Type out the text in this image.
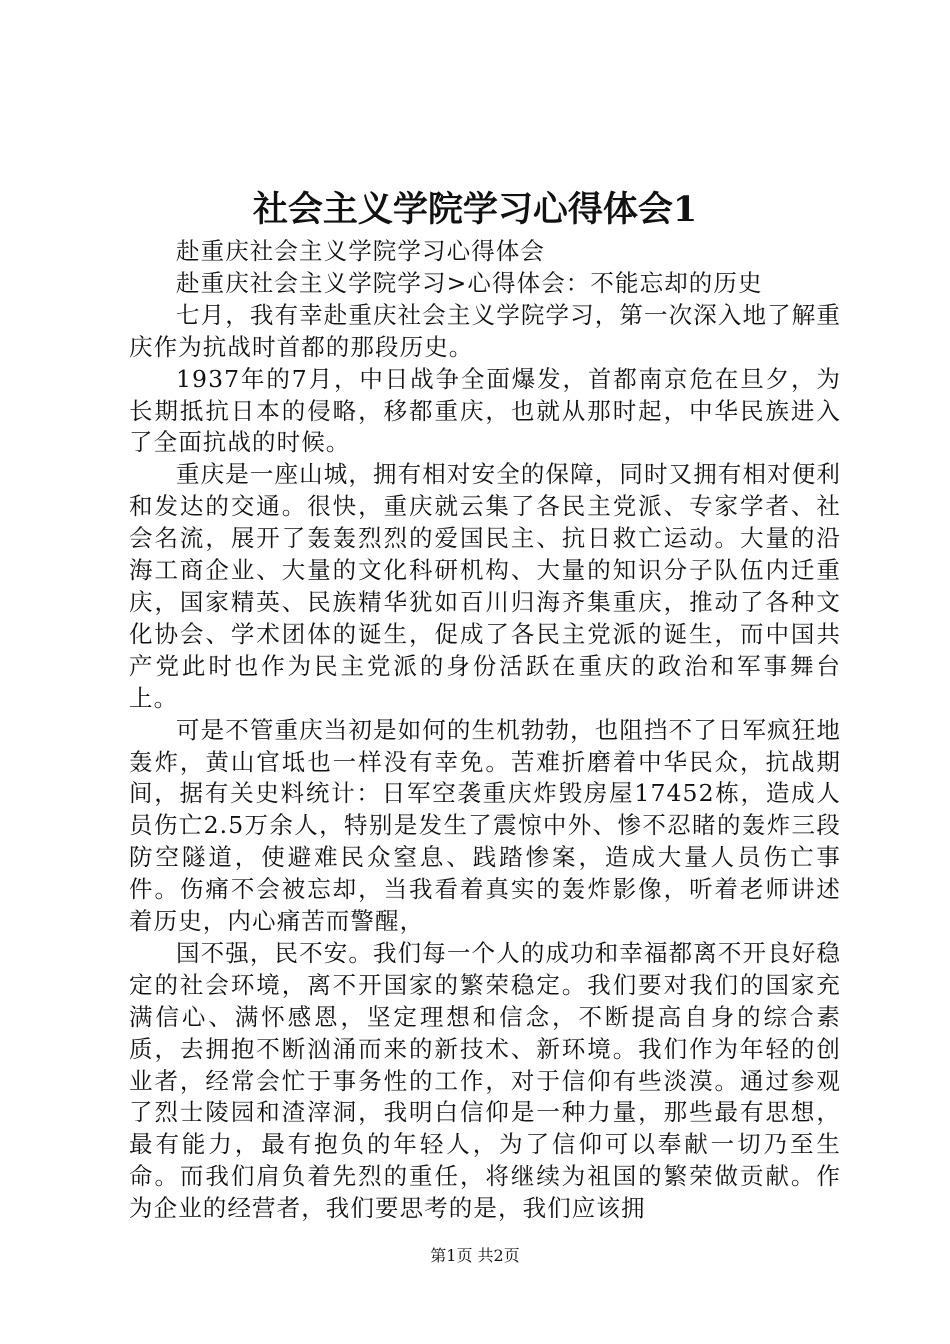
社会主义学院学习心得体会1

赴重庆社会主义学院学习心得体会

赴重庆社会主义学院学习>心得体会：不能忘却的历史

七月，我有幸赴重庆社会主义学院学习，第一次深入地了解重庆作为抗战时首都的那段历史。

1937年的7月，中日战争全面爆发，首都南京危在旦夕，为长期抵抗日本的侵略，移都重庆，也就从那时起，中华民族进入了全面抗战的时候。

重庆是一座山城，拥有相对安全的保障，同时又拥有相对便利和发达的交通。很快，重庆就云集了各民主党派、专家学者、社会名流，展开了轰轰烈烈的爱国民主、抗日救亡运动。大量的沿海工商企业、大量的文化科研机构、大量的知识分子队伍内迁重庆，国家精英、民族精华犹如百川归海齐集重庆，推动了各种文化协会、学术团体的诞生，促成了各民主党派的诞生，而中国共产党此时也作为民主党派的身份活跃在重庆的政治和军事舞台上。

可是不管重庆当初是如何的生机勃勃，也阻挡不了日军疯狂地轰炸，黄山官坻也一样没有幸免。苦难折磨着中华民众，抗战期间，据有关史料统计：日军空袭重庆炸毁房屋17452栋，造成人员伤亡2.5万余人，特别是发生了震惊中外、惨不忍睹的轰炸三段防空隧道，使避难民众窒息、践踏惨案，造成大量人员伤亡事件。伤痛不会被忘却，当我看着真实的轰炸影像，听着老师讲述着历史，内心痛苦而警醒，

国不强，民不安。我们每一个人的成功和幸福都离不开良好稳定的社会环境，离不开国家的繁荣稳定。我们要对我们的国家充满信心、满怀感恩，坚定理想和信念，不断提高自身的综合素质，去拥抱不断汹涌而来的新技术、新环境。我们作为年轻的创业者，经常会忙于事务性的工作，对于信仰有些淡漠。通过参观了烈士陵园和渣滓洞，我明白信仰是一种力量，那些最有思想，最有能力，最有抱负的年轻人，为了信仰可以奉献一切乃至生命。而我们肩负着先烈的重任，将继续为祖国的繁荣做贡献。作为企业的经营者，我们要思考的是，我们应该拥

第1页 共2页
